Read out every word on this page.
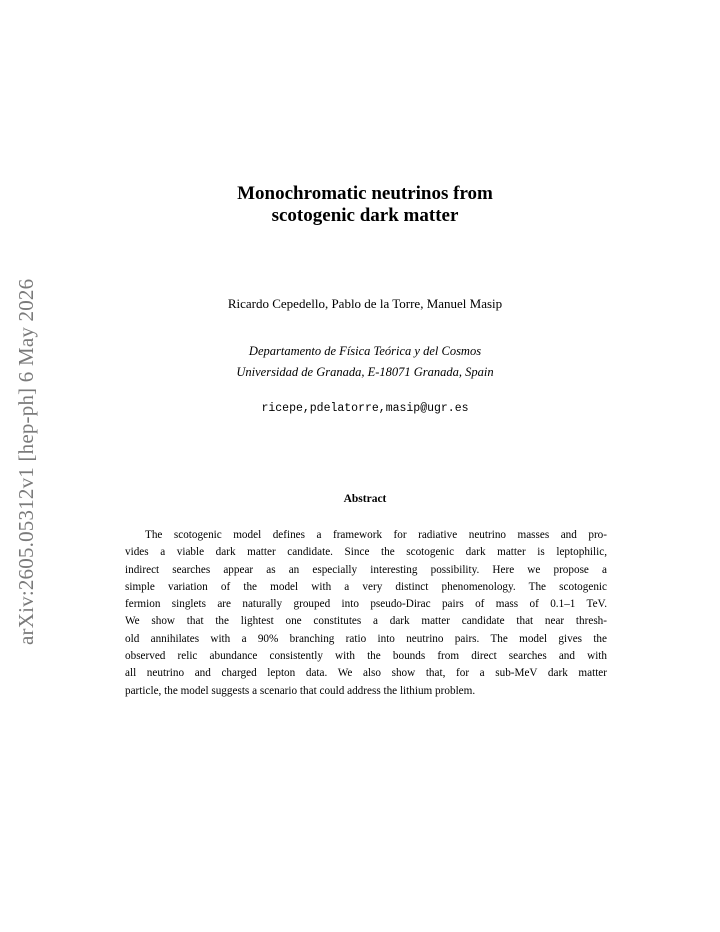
arXiv:2605.05312v1 [hep-ph] 6 May 2026
Monochromatic neutrinos from
scotogenic dark matter
Ricardo Cepedello, Pablo de la Torre, Manuel Masip
Departamento de Física Teórica y del Cosmos
Universidad de Granada, E-18071 Granada, Spain
ricepe,pdelatorre,masip@ugr.es
Abstract
The scotogenic model defines a framework for radiative neutrino masses and pro-
vides a viable dark matter candidate. Since the scotogenic dark matter is leptophilic,
indirect searches appear as an especially interesting possibility. Here we propose a
simple variation of the model with a very distinct phenomenology. The scotogenic
fermion singlets are naturally grouped into pseudo-Dirac pairs of mass of 0.1–1 TeV.
We show that the lightest one constitutes a dark matter candidate that near thresh-
old annihilates with a 90% branching ratio into neutrino pairs. The model gives the
observed relic abundance consistently with the bounds from direct searches and with
all neutrino and charged lepton data. We also show that, for a sub-MeV dark matter
particle, the model suggests a scenario that could address the lithium problem.
